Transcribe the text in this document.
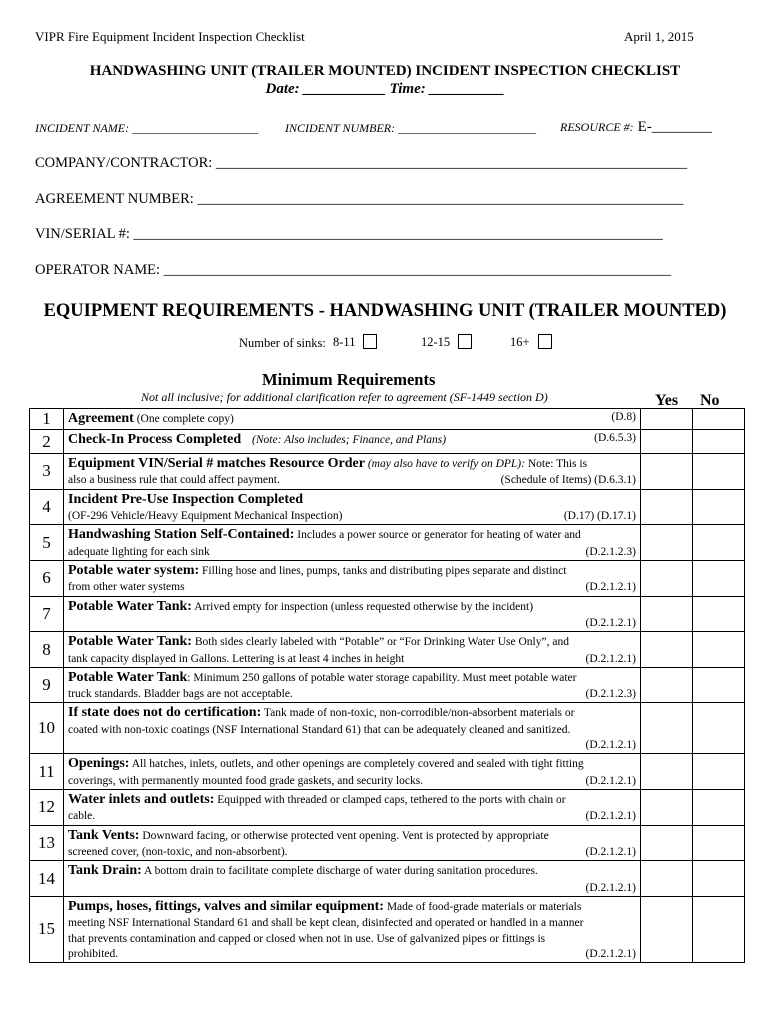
VIPR Fire Equipment Incident Inspection Checklist	April 1, 2015
HANDWASHING UNIT (TRAILER MOUNTED) INCIDENT INSPECTION CHECKLIST
Date: ___________ Time: __________
INCIDENT NAME: _____________________ INCIDENT NUMBER: _______________________ RESOURCE #: E-________
COMPANY/CONTRACTOR: _________________________________________________________________
AGREEMENT NUMBER: ___________________________________________________________________
VIN/SERIAL #: _________________________________________________________________________
OPERATOR NAME: ______________________________________________________________________
EQUIPMENT REQUIREMENTS - HANDWASHING UNIT (TRAILER MOUNTED)
Number of sinks: 8-11	12-15	16+
Minimum Requirements
Not all inclusive; for additional clarification refer to agreement (SF-1449 section D)	Yes No
1	Agreement (One complete copy) (D.8)		

2	Check-In Process Completed (Note: Also includes; Finance, and Plans) (D.6.5.3)		

3	Equipment VIN/Serial # matches Resource Order (may also have to verify on DPL): Note: This is
also a business rule that could affect payment. (Schedule of Items) (D.6.3.1)		

4	Incident Pre-Use Inspection Completed
(OF-296 Vehicle/Heavy Equipment Mechanical Inspection) (D.17) (D.17.1)		

5	Handwashing Station Self-Contained: Includes a power source or generator for heating of water and
adequate lighting for each sink (D.2.1.2.3)		

6	Potable water system: Filling hose and lines, pumps, tanks and distributing pipes separate and distinct
from other water systems (D.2.1.2.1)		

7	Potable Water Tank: Arrived empty for inspection (unless requested otherwise by the incident)

(D.2.1.2.1)		

8	Potable Water Tank: Both sides clearly labeled with “Potable” or “For Drinking Water Use Only”, and
tank capacity displayed in Gallons. Lettering is at least 4 inches in height (D.2.1.2.1)		

9	Potable Water Tank: Minimum 250 gallons of potable water storage capability. Must meet potable water
truck standards. Bladder bags are not acceptable. (D.2.1.2.3)		

10	If state does not do certification: Tank made of non-toxic, non-corrodible/non-absorbent materials or
coated with non-toxic coatings (NSF International Standard 61) that can be adequately cleaned and sanitized.

(D.2.1.2.1)		

11	Openings: All hatches, inlets, outlets, and other openings are completely covered and sealed with tight fitting
coverings, with permanently mounted food grade gaskets, and security locks. (D.2.1.2.1)		

12	Water inlets and outlets: Equipped with threaded or clamped caps, tethered to the ports with chain or
cable. (D.2.1.2.1)		

13	Tank Vents: Downward facing, or otherwise protected vent opening. Vent is protected by appropriate
screened cover, (non-toxic, and non-absorbent). (D.2.1.2.1)		

14	Tank Drain: A bottom drain to facilitate complete discharge of water during sanitation procedures.

(D.2.1.2.1)		

15	Pumps, hoses, fittings, valves and similar equipment: Made of food-grade materials or materials
meeting NSF International Standard 61 and shall be kept clean, disinfected and operated or handled in a manner
that prevents contamination and capped or closed when not in use. Use of galvanized pipes or fittings is
prohibited. (D.2.1.2.1)		
